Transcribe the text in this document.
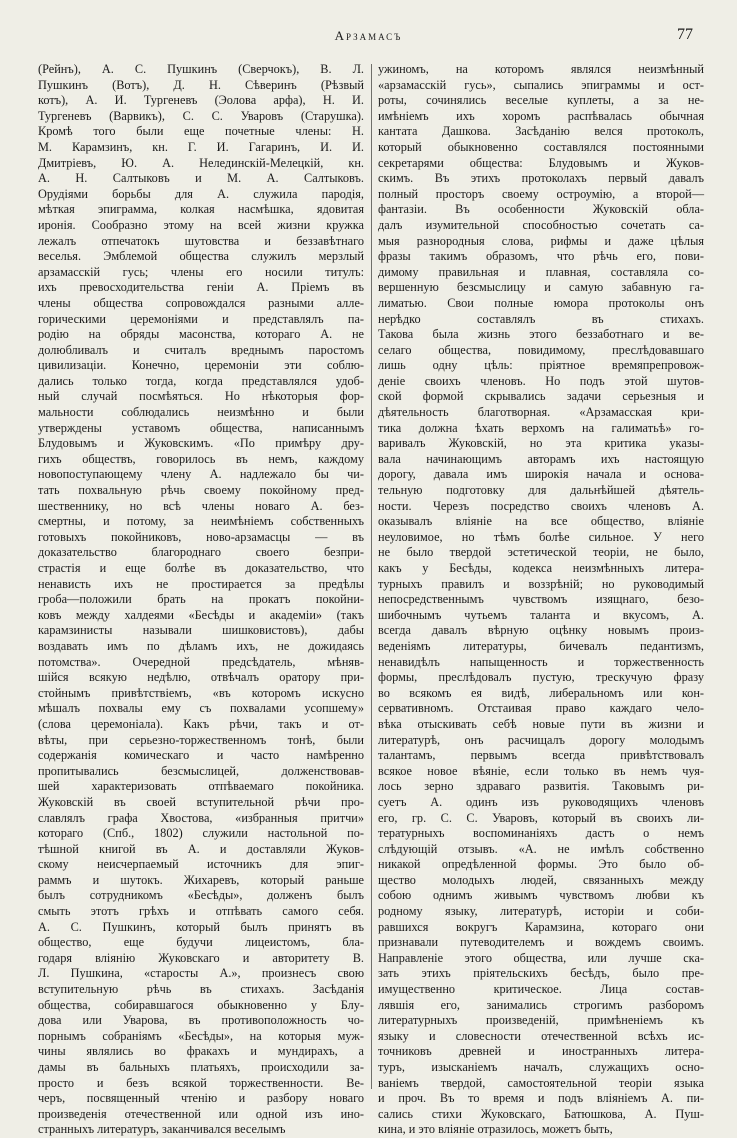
Арзамасъ	77
(Рейнъ), А. С. Пушкинъ (Сверчокъ), В. Л.
Пушкинъ (Вотъ), Д. Н. Сѣверинъ (Рѣзвый
котъ), А. И. Тургеневъ (Эолова арфа), Н. И.
Тургеневъ (Варвикъ), С. С. Уваровъ (Старушка).
Кромѣ того были еще почетные члены: Н.
М. Карамзинъ, кн. Г. И. Гагаринъ, И. И.
Дмитріевъ, Ю. А. Нелединскій-Мелецкій, кн.
А. Н. Салтыковъ и М. А. Салтыковъ.
Орудіями борьбы для А. служила пародія,
мѣткая эпиграмма, колкая насмѣшка, ядовитая
иронія. Сообразно этому на всей жизни кружка
лежалъ отпечатокъ шутовства и беззавѣтнаго
веселья. Эмблемой общества служилъ мерзлый
арзамасскій гусь; члены его носили титулъ:
ихъ превосходительства геніи А. Пріемъ въ
члены общества сопровождался разными алле-
горическими церемоніями и представлялъ па-
родію на обряды масонства, котораго А. не
долюбливалъ и считалъ вреднымъ паростомъ
цивилизаціи. Конечно, церемоніи эти соблю-
дались только тогда, когда представлялся удоб-
ный случай посмѣяться. Но нѣкоторыя фор-
мальности соблюдались неизмѣнно и были
утверждены уставомъ общества, написаннымъ
Блудовымъ и Жуковскимъ. «По примѣру дру-
гихъ обществъ, говорилось въ немъ, каждому
новопоступающему члену А. надлежало бы чи-
тать похвальную рѣчь своему покойному пред-
шественнику, но всѣ члены новаго А. без-
смертны, и потому, за неимѣніемъ собственныхъ
готовыхъ покойниковъ, ново-арзамасцы — въ
доказательство благороднаго своего безпри-
страстія и еще болѣе въ доказательство, что
ненависть ихъ не простирается за предѣлы
гроба—положили брать на прокатъ покойни-
ковъ между халдеями «Бесѣды и академіи» (такъ
карамзинисты называли шишковистовъ), дабы
воздавать имъ по дѣламъ ихъ, не дожидаясь
потомства». Очередной предсѣдатель, мѣняв-
шійся всякую недѣлю, отвѣчалъ оратору при-
стойнымъ привѣтствіемъ, «въ которомъ искусно
мѣшалъ похвалы ему съ похвалами усопшему»
(слова церемоніала). Какъ рѣчи, такъ и от-
вѣты, при серьезно-торжественномъ тонѣ, были
содержанія комическаго и часто намѣренно
пропитывались безсмыслицей, долженствовав-
шей характеризовать отпѣваемаго покойника.
Жуковскій въ своей вступительной рѣчи про-
славлялъ графа Хвостова, «избранныя притчи»
котораго (Спб., 1802) служили настольной по-
тѣшной книгой въ А. и доставляли Жуков-
скому неисчерпаемый источникъ для эпиг-
раммъ и шутокъ. Жихаревъ, который раньше
былъ сотрудникомъ «Бесѣды», долженъ былъ
смыть этотъ грѣхъ и отпѣвать самого себя.
А. С. Пушкинъ, который былъ принятъ въ
общество, еще будучи лицеистомъ, бла-
годаря вліянію Жуковскаго и авторитету В.
Л. Пушкина, «старосты А.», произнесъ свою
вступительную рѣчь въ стихахъ. Засѣданія
общества, собиравшагося обыкновенно у Блу-
дова или Уварова, въ противоположность чо-
порнымъ собраніямъ «Бесѣды», на которыя муж-
чины являлись во фракахъ и мундирахъ, а
дамы въ бальныхъ платьяхъ, происходили за-
просто и безъ всякой торжественности. Ве-
черъ, посвященный чтенію и разбору новаго
произведенія отечественной или одной изъ ино-
странныхъ литературъ, заканчивался веселымъ
ужиномъ, на которомъ являлся неизмѣнный
«арзамасскій гусь», сыпались эпиграммы и ост-
роты, сочинялись веселые куплеты, а за не-
имѣніемъ ихъ хоромъ распѣвалась обычная
кантата Дашкова. Засѣданію велся протоколъ,
который обыкновенно составлялся постоянными
секретарями общества: Блудовымъ и Жуков-
скимъ. Въ этихъ протоколахъ первый давалъ
полный просторъ своему остроумію, а второй—
фантазіи. Въ особенности Жуковскій обла-
далъ изумительной способностью сочетать са-
мыя разнородныя слова, рифмы и даже цѣлыя
фразы такимъ образомъ, что рѣчь его, пови-
димому правильная и плавная, составляла со-
вершенную безсмыслицу и самую забавную га-
лиматью. Свои полные юмора протоколы онъ
нерѣдко составлялъ въ стихахъ.
Такова была жизнь этого беззаботнаго и ве-
селаго общества, повидимому, преслѣдовавшаго
лишь одну цѣль: пріятное времяпрепровож-
деніе своихъ членовъ. Но подъ этой шутов-
ской формой скрывались задачи серьезныя и
дѣятельность благотворная. «Арзамасская кри-
тика должна ѣхать верхомъ на галиматьѣ» го-
варивалъ Жуковскій, но эта критика указы-
вала начинающимъ авторамъ ихъ настоящую
дорогу, давала имъ широкія начала и основа-
тельную подготовку для дальнѣйшей дѣятель-
ности. Черезъ посредство своихъ членовъ А.
оказывалъ вліяніе на все общество, вліяніе
неуловимое, но тѣмъ болѣе сильное. У него
не было твердой эстетической теоріи, не было,
какъ у Бесѣды, кодекса неизмѣнныхъ литера-
турныхъ правилъ и воззрѣній; но руководимый
непосредственнымъ чувствомъ изящнаго, безо-
шибочнымъ чутьемъ таланта и вкусомъ, А.
всегда давалъ вѣрную оцѣнку новымъ произ-
веденіямъ литературы, бичевалъ педантизмъ,
ненавидѣлъ напыщенность и торжественность
формы, преслѣдовалъ пустую, трескучую фразу
во всякомъ ея видѣ, либеральномъ или кон-
сервативномъ. Отстаивая право каждаго чело-
вѣка отыскивать себѣ новые пути въ жизни и
литературѣ, онъ расчищалъ дорогу молодымъ
талантамъ, первымъ всегда привѣтствовалъ
всякое новое вѣяніе, если только въ немъ чуя-
лось зерно здраваго развитія. Таковымъ ри-
суетъ А. одинъ изъ руководящихъ членовъ
его, гр. С. С. Уваровъ, который въ своихъ ли-
тературныхъ воспоминаніяхъ дастъ о немъ
слѣдующій отзывъ. «А. не имѣлъ собственно
никакой опредѣленной формы. Это было об-
щество молодыхъ людей, связанныхъ между
собою однимъ живымъ чувствомъ любви къ
родному языку, литературѣ, исторіи и соби-
равшихся вокругъ Карамзина, котораго они
признавали путеводителемъ и вождемъ своимъ.
Направленіе этого общества, или лучше ска-
зать этихъ пріятельскихъ бесѣдъ, было пре-
имущественно критическое. Лица состав-
лявшія его, занимались строгимъ разборомъ
литературныхъ произведеній, примѣненіемъ къ
языку и словесности отечественной всѣхъ ис-
точниковъ древней и иностранныхъ литера-
туръ, изысканіемъ началъ, служащихъ осно-
ваніемъ твердой, самостоятельной теоріи языка
и проч. Въ то время и подъ вліяніемъ А. пи-
сались стихи Жуковскаго, Батюшкова, А. Пуш-
кина, и это вліяніе отразилось, можетъ быть,
